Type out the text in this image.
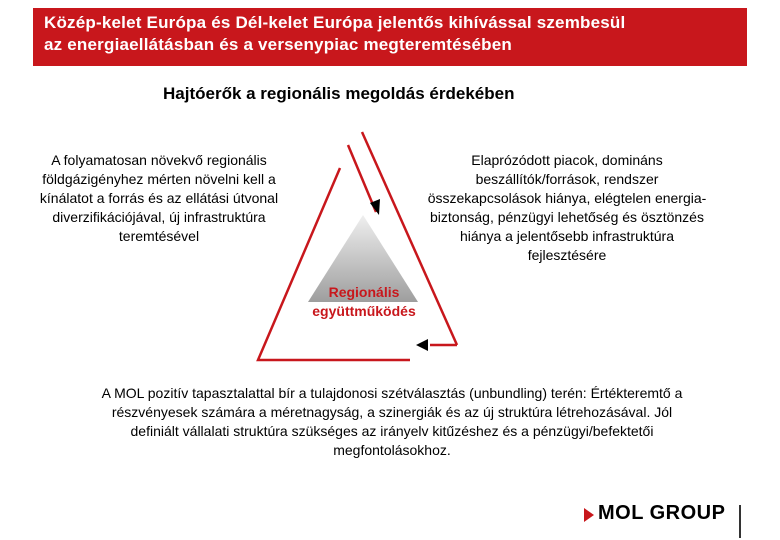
Közép-kelet Európa és Dél-kelet Európa jelentős kihívással szembesül
az energiaellátásban és a versenypiac megteremtésében
Hajtóerők a regionális megoldás érdekében
A folyamatosan növekvő regionális földgázigényhez mérten növelni kell a kínálatot a forrás és az ellátási útvonal diverzifikációjával, új infrastruktúra teremtésével
Elaprózódott piacok, domináns beszállítók/források, rendszer összekapcsolások hiánya, elégtelen energia-biztonság, pénzügyi lehetőség és ösztönzés hiánya a jelentősebb infrastruktúra fejlesztésére
Regionális
együttműködés
A MOL pozitív tapasztalattal bír a tulajdonosi szétválasztás (unbundling) terén: Értékteremtő a részvényesek számára a méretnagyság, a szinergiák és az új struktúra létrehozásával. Jól definiált vállalati struktúra szükséges az irányelv kitűzéshez és a pénzügyi/befektetői megfontolásokhoz.
MOL GROUP
